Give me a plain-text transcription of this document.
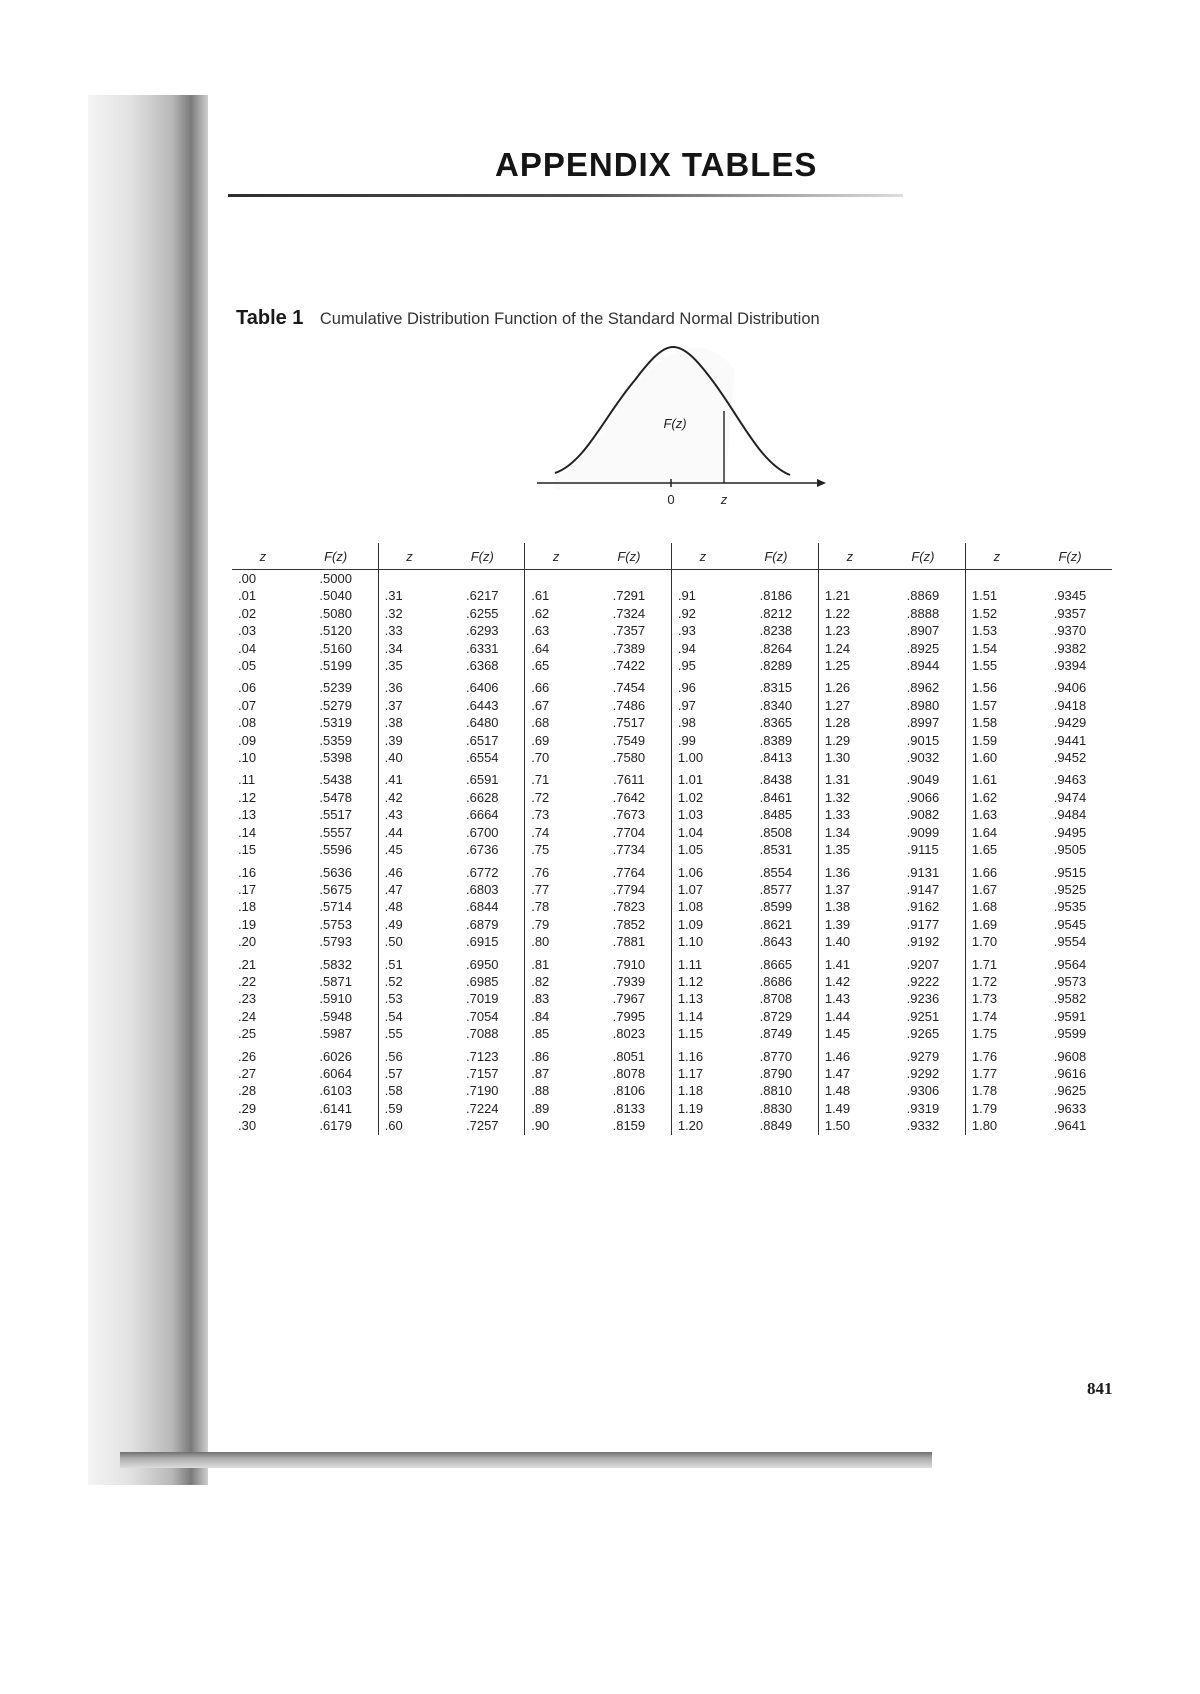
APPENDIX TABLES
Table 1 Cumulative Distribution Function of the Standard Normal Distribution
F(z)
0	z
z	F(z)	z	F(z)	z	F(z)	z	F(z)	z	F(z)	z	F(z)
.00	.5000										
.01	.5040	.31	.6217	.61	.7291	.91	.8186	1.21	.8869	1.51	.9345
.02	.5080	.32	.6255	.62	.7324	.92	.8212	1.22	.8888	1.52	.9357
.03	.5120	.33	.6293	.63	.7357	.93	.8238	1.23	.8907	1.53	.9370
.04	.5160	.34	.6331	.64	.7389	.94	.8264	1.24	.8925	1.54	.9382
.05	.5199	.35	.6368	.65	.7422	.95	.8289	1.25	.8944	1.55	.9394
.06	.5239	.36	.6406	.66	.7454	.96	.8315	1.26	.8962	1.56	.9406
.07	.5279	.37	.6443	.67	.7486	.97	.8340	1.27	.8980	1.57	.9418
.08	.5319	.38	.6480	.68	.7517	.98	.8365	1.28	.8997	1.58	.9429
.09	.5359	.39	.6517	.69	.7549	.99	.8389	1.29	.9015	1.59	.9441
.10	.5398	.40	.6554	.70	.7580	1.00	.8413	1.30	.9032	1.60	.9452
.11	.5438	.41	.6591	.71	.7611	1.01	.8438	1.31	.9049	1.61	.9463
.12	.5478	.42	.6628	.72	.7642	1.02	.8461	1.32	.9066	1.62	.9474
.13	.5517	.43	.6664	.73	.7673	1.03	.8485	1.33	.9082	1.63	.9484
.14	.5557	.44	.6700	.74	.7704	1.04	.8508	1.34	.9099	1.64	.9495
.15	.5596	.45	.6736	.75	.7734	1.05	.8531	1.35	.9115	1.65	.9505
.16	.5636	.46	.6772	.76	.7764	1.06	.8554	1.36	.9131	1.66	.9515
.17	.5675	.47	.6803	.77	.7794	1.07	.8577	1.37	.9147	1.67	.9525
.18	.5714	.48	.6844	.78	.7823	1.08	.8599	1.38	.9162	1.68	.9535
.19	.5753	.49	.6879	.79	.7852	1.09	.8621	1.39	.9177	1.69	.9545
.20	.5793	.50	.6915	.80	.7881	1.10	.8643	1.40	.9192	1.70	.9554
.21	.5832	.51	.6950	.81	.7910	1.11	.8665	1.41	.9207	1.71	.9564
.22	.5871	.52	.6985	.82	.7939	1.12	.8686	1.42	.9222	1.72	.9573
.23	.5910	.53	.7019	.83	.7967	1.13	.8708	1.43	.9236	1.73	.9582
.24	.5948	.54	.7054	.84	.7995	1.14	.8729	1.44	.9251	1.74	.9591
.25	.5987	.55	.7088	.85	.8023	1.15	.8749	1.45	.9265	1.75	.9599
.26	.6026	.56	.7123	.86	.8051	1.16	.8770	1.46	.9279	1.76	.9608
.27	.6064	.57	.7157	.87	.8078	1.17	.8790	1.47	.9292	1.77	.9616
.28	.6103	.58	.7190	.88	.8106	1.18	.8810	1.48	.9306	1.78	.9625
.29	.6141	.59	.7224	.89	.8133	1.19	.8830	1.49	.9319	1.79	.9633
.30	.6179	.60	.7257	.90	.8159	1.20	.8849	1.50	.9332	1.80	.9641
841
